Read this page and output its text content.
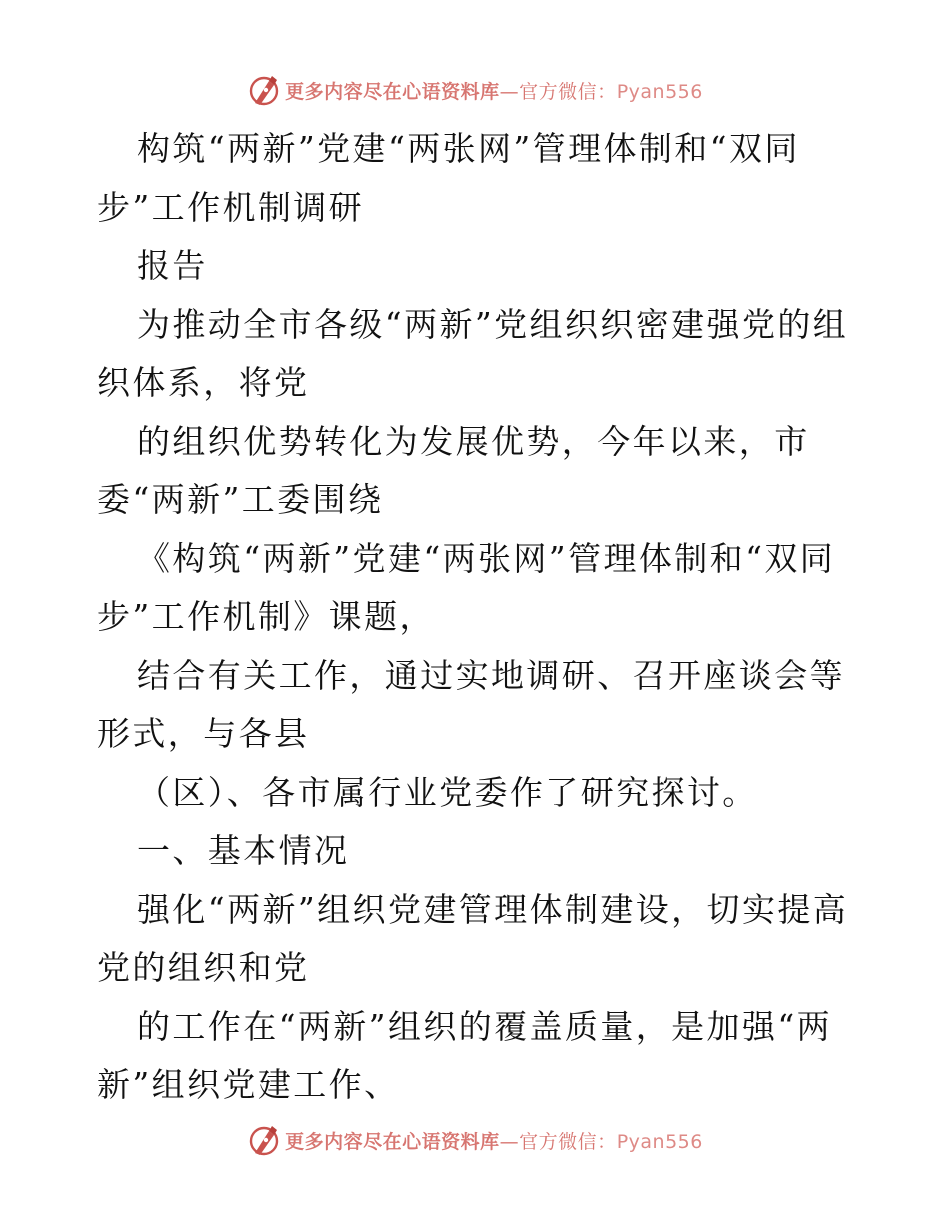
更多内容尽在心语资料库—官方微信：Pyan556

构筑“两新”党建“两张网”管理体制和“双同步”工作机制调研

报告

为推动全市各级“两新”党组织织密建强党的组织体系，将党

的组织优势转化为发展优势，今年以来，市

委“两新”工委围绕

《构筑“两新”党建“两张网”管理体制和“双同步”工作机制》课题，

结合有关工作，通过实地调研、召开座谈会等形式，与各县

（区）、各市属行业党委作了研究探讨。

一、基本情况

强化“两新”组织党建管理体制建设，切实提高党的组织和党

的工作在“两新”组织的覆盖质量，是加强“两新”组织党建工作、

更多内容尽在心语资料库—官方微信：Pyan556
